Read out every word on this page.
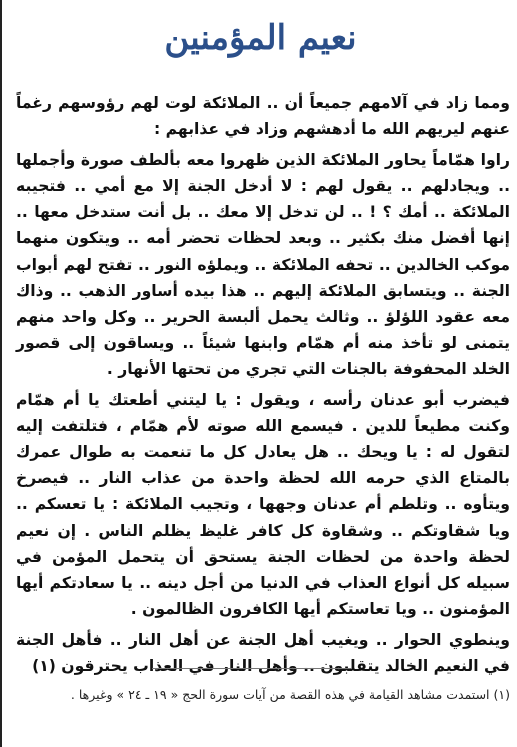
نعيم المؤمنين

ومما زاد في آلامهم جميعاً أن .. الملائكة لوت لهم رؤوسهم رغماً عنهم ليريهم الله ما أدهشهم وزاد في عذابهم :

راوا همّاماً يحاور الملائكة الذين ظهروا معه بألطف صورة وأجملها .. ويجادلهم .. يقول لهم : لا أدخل الجنة إلا مع أمي .. فتجيبه الملائكة .. أمك ؟ ! .. لن تدخل إلا معك .. بل أنت ستدخل معها .. إنها أفضل منك بكثير .. وبعد لحظات تحضر أمه .. ويتكون منهما موكب الخالدين .. تحفه الملائكة .. ويملؤه النور .. تفتح لهم أبواب الجنة .. ويتسابق الملائكة إليهم .. هذا بيده أساور الذهب .. وذاك معه عقود اللؤلؤ .. وثالث يحمل ألبسة الحرير .. وكل واحد منهم يتمنى لو تأخذ منه أم همّام وابنها شيئاً .. ويساقون إلى قصور الخلد المحفوفة بالجنات التي تجري من تحتها الأنهار .

فيضرب أبو عدنان رأسه ، ويقول : يا ليتني أطعتك يا أم همّام وكنت مطيعاً للدين . فيسمع الله صوته لأم همّام ، فتلتفت إليه لتقول له : يا ويحك .. هل يعادل كل ما تنعمت به طوال عمرك بالمتاع الذي حرمه الله لحظة واحدة من عذاب النار .. فيصرخ ويتأوه .. وتلطم أم عدنان وجهها ، وتجيب الملائكة : يا تعسكم .. ويا شقاوتكم .. وشقاوة كل كافر غليظ يظلم الناس . إن نعيم لحظة واحدة من لحظات الجنة يستحق أن يتحمل المؤمن في سبيله كل أنواع العذاب في الدنيا من أجل دينه .. يا سعادتكم أيها المؤمنون .. ويا تعاستكم أيها الكافرون الظالمون .

وينطوي الحوار .. ويغيب أهل الجنة عن أهل النار .. فأهل الجنة في النعيم الخالد يتقلبون .. وأهل النار في العذاب يحترقون (١)

(١) استمدت مشاهد القيامة في هذه القصة من آيات سورة الحج « ١٩ ـ ٢٤ » وغيرها .
